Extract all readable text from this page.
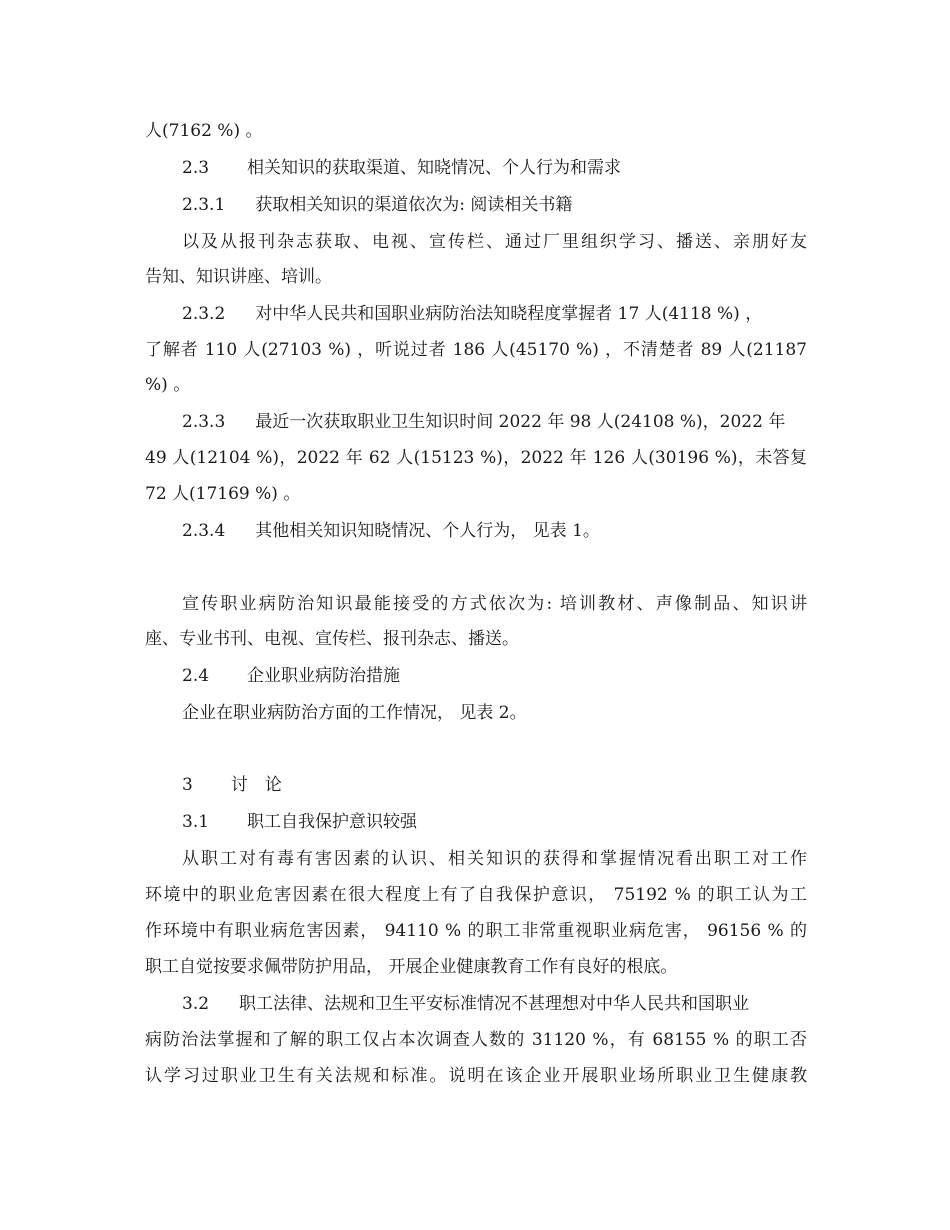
人(7162 %) 。
2.3 相关知识的获取渠道、知晓情况、个人行为和需求
2.3.1 获取相关知识的渠道依次为: 阅读相关书籍
以及从报刊杂志获取、电视、宣传栏、通过厂里组织学习、播送、亲朋好友
告知、知识讲座、培训。
2.3.2 对中华人民共和国职业病防治法知晓程度掌握者 17 人(4118 %) ，
了解者 110 人(27103 %) ，听说过者 186 人(45170 %) ，不清楚者 89 人(21187
%) 。
2.3.3 最近一次获取职业卫生知识时间 2022 年 98 人(24108 %)，2022 年
49 人(12104 %)，2022 年 62 人(15123 %)，2022 年 126 人(30196 %)，未答复
72 人(17169 %) 。
2.3.4 其他相关知识知晓情况、个人行为， 见表 1。
宣传职业病防治知识最能接受的方式依次为: 培训教材、声像制品、知识讲
座、专业书刊、电视、宣传栏、报刊杂志、播送。
2.4 企业职业病防治措施
企业在职业病防治方面的工作情况， 见表 2。
3 讨　论
3.1 职工自我保护意识较强
从职工对有毒有害因素的认识、相关知识的获得和掌握情况看出职工对工作
环境中的职业危害因素在很大程度上有了自我保护意识， 75192 % 的职工认为工
作环境中有职业病危害因素， 94110 % 的职工非常重视职业病危害， 96156 % 的
职工自觉按要求佩带防护用品， 开展企业健康教育工作有良好的根底。
3.2 职工法律、法规和卫生平安标准情况不甚理想对中华人民共和国职业
病防治法掌握和了解的职工仅占本次调查人数的 31120 %，有 68155 % 的职工否
认学习过职业卫生有关法规和标准。说明在该企业开展职业场所职业卫生健康教
